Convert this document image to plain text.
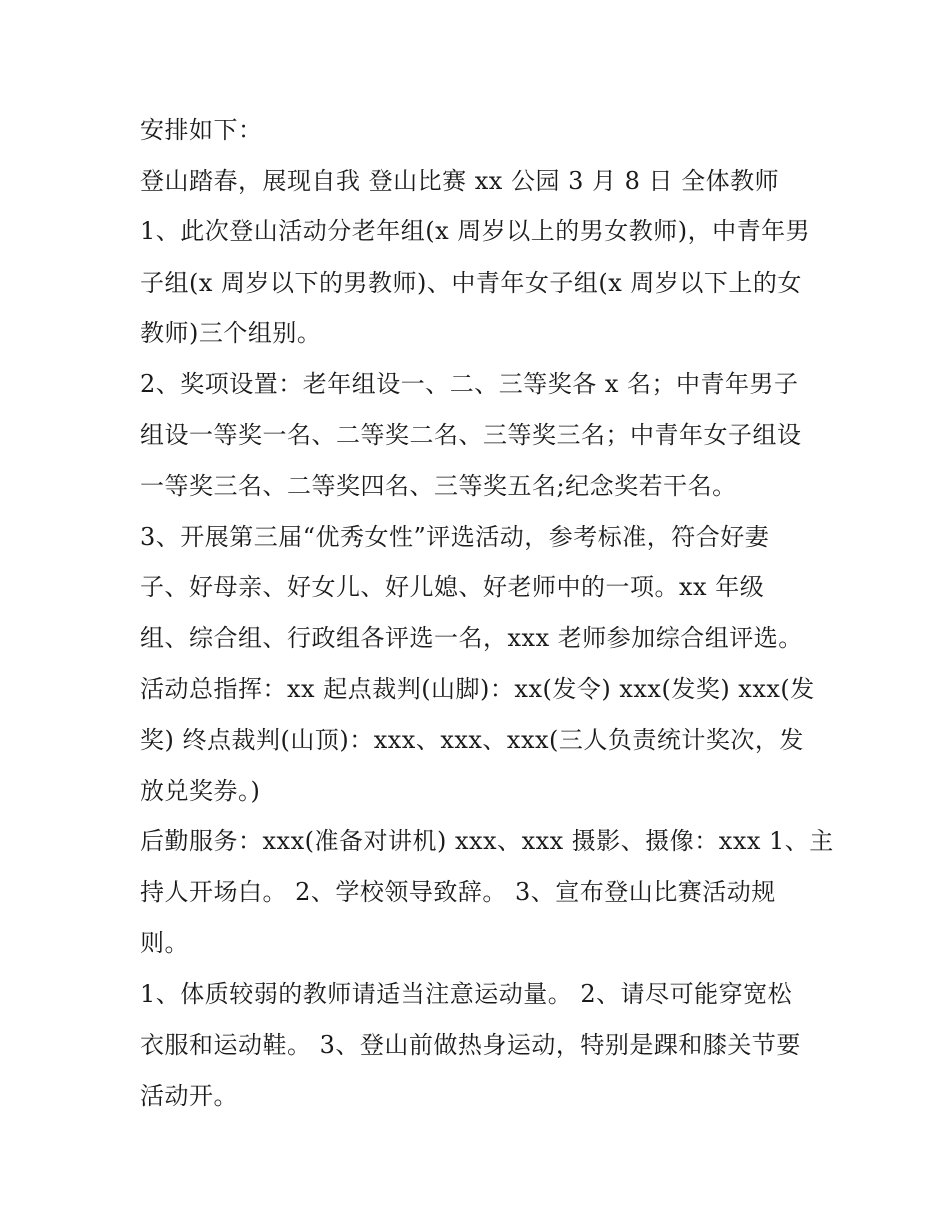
安排如下：
登山踏春，展现自我 登山比赛 xx 公园 3 月 8 日 全体教师
1、此次登山活动分老年组(x 周岁以上的男女教师)，中青年男
子组(x 周岁以下的男教师)、中青年女子组(x 周岁以下上的女
教师)三个组别。
2、奖项设置：老年组设一、二、三等奖各 x 名；中青年男子
组设一等奖一名、二等奖二名、三等奖三名；中青年女子组设
一等奖三名、二等奖四名、三等奖五名;纪念奖若干名。
3、开展第三届“优秀女性”评选活动，参考标准，符合好妻
子、好母亲、好女儿、好儿媳、好老师中的一项。xx 年级
组、综合组、行政组各评选一名，xxx 老师参加综合组评选。
活动总指挥：xx 起点裁判(山脚)：xx(发令) xxx(发奖) xxx(发
奖) 终点裁判(山顶)：xxx、xxx、xxx(三人负责统计奖次，发
放兑奖券。)
后勤服务：xxx(准备对讲机) xxx、xxx 摄影、摄像：xxx 1、主
持人开场白。 2、学校领导致辞。 3、宣布登山比赛活动规
则。
1、体质较弱的教师请适当注意运动量。 2、请尽可能穿宽松
衣服和运动鞋。 3、登山前做热身运动，特别是踝和膝关节要
活动开。
